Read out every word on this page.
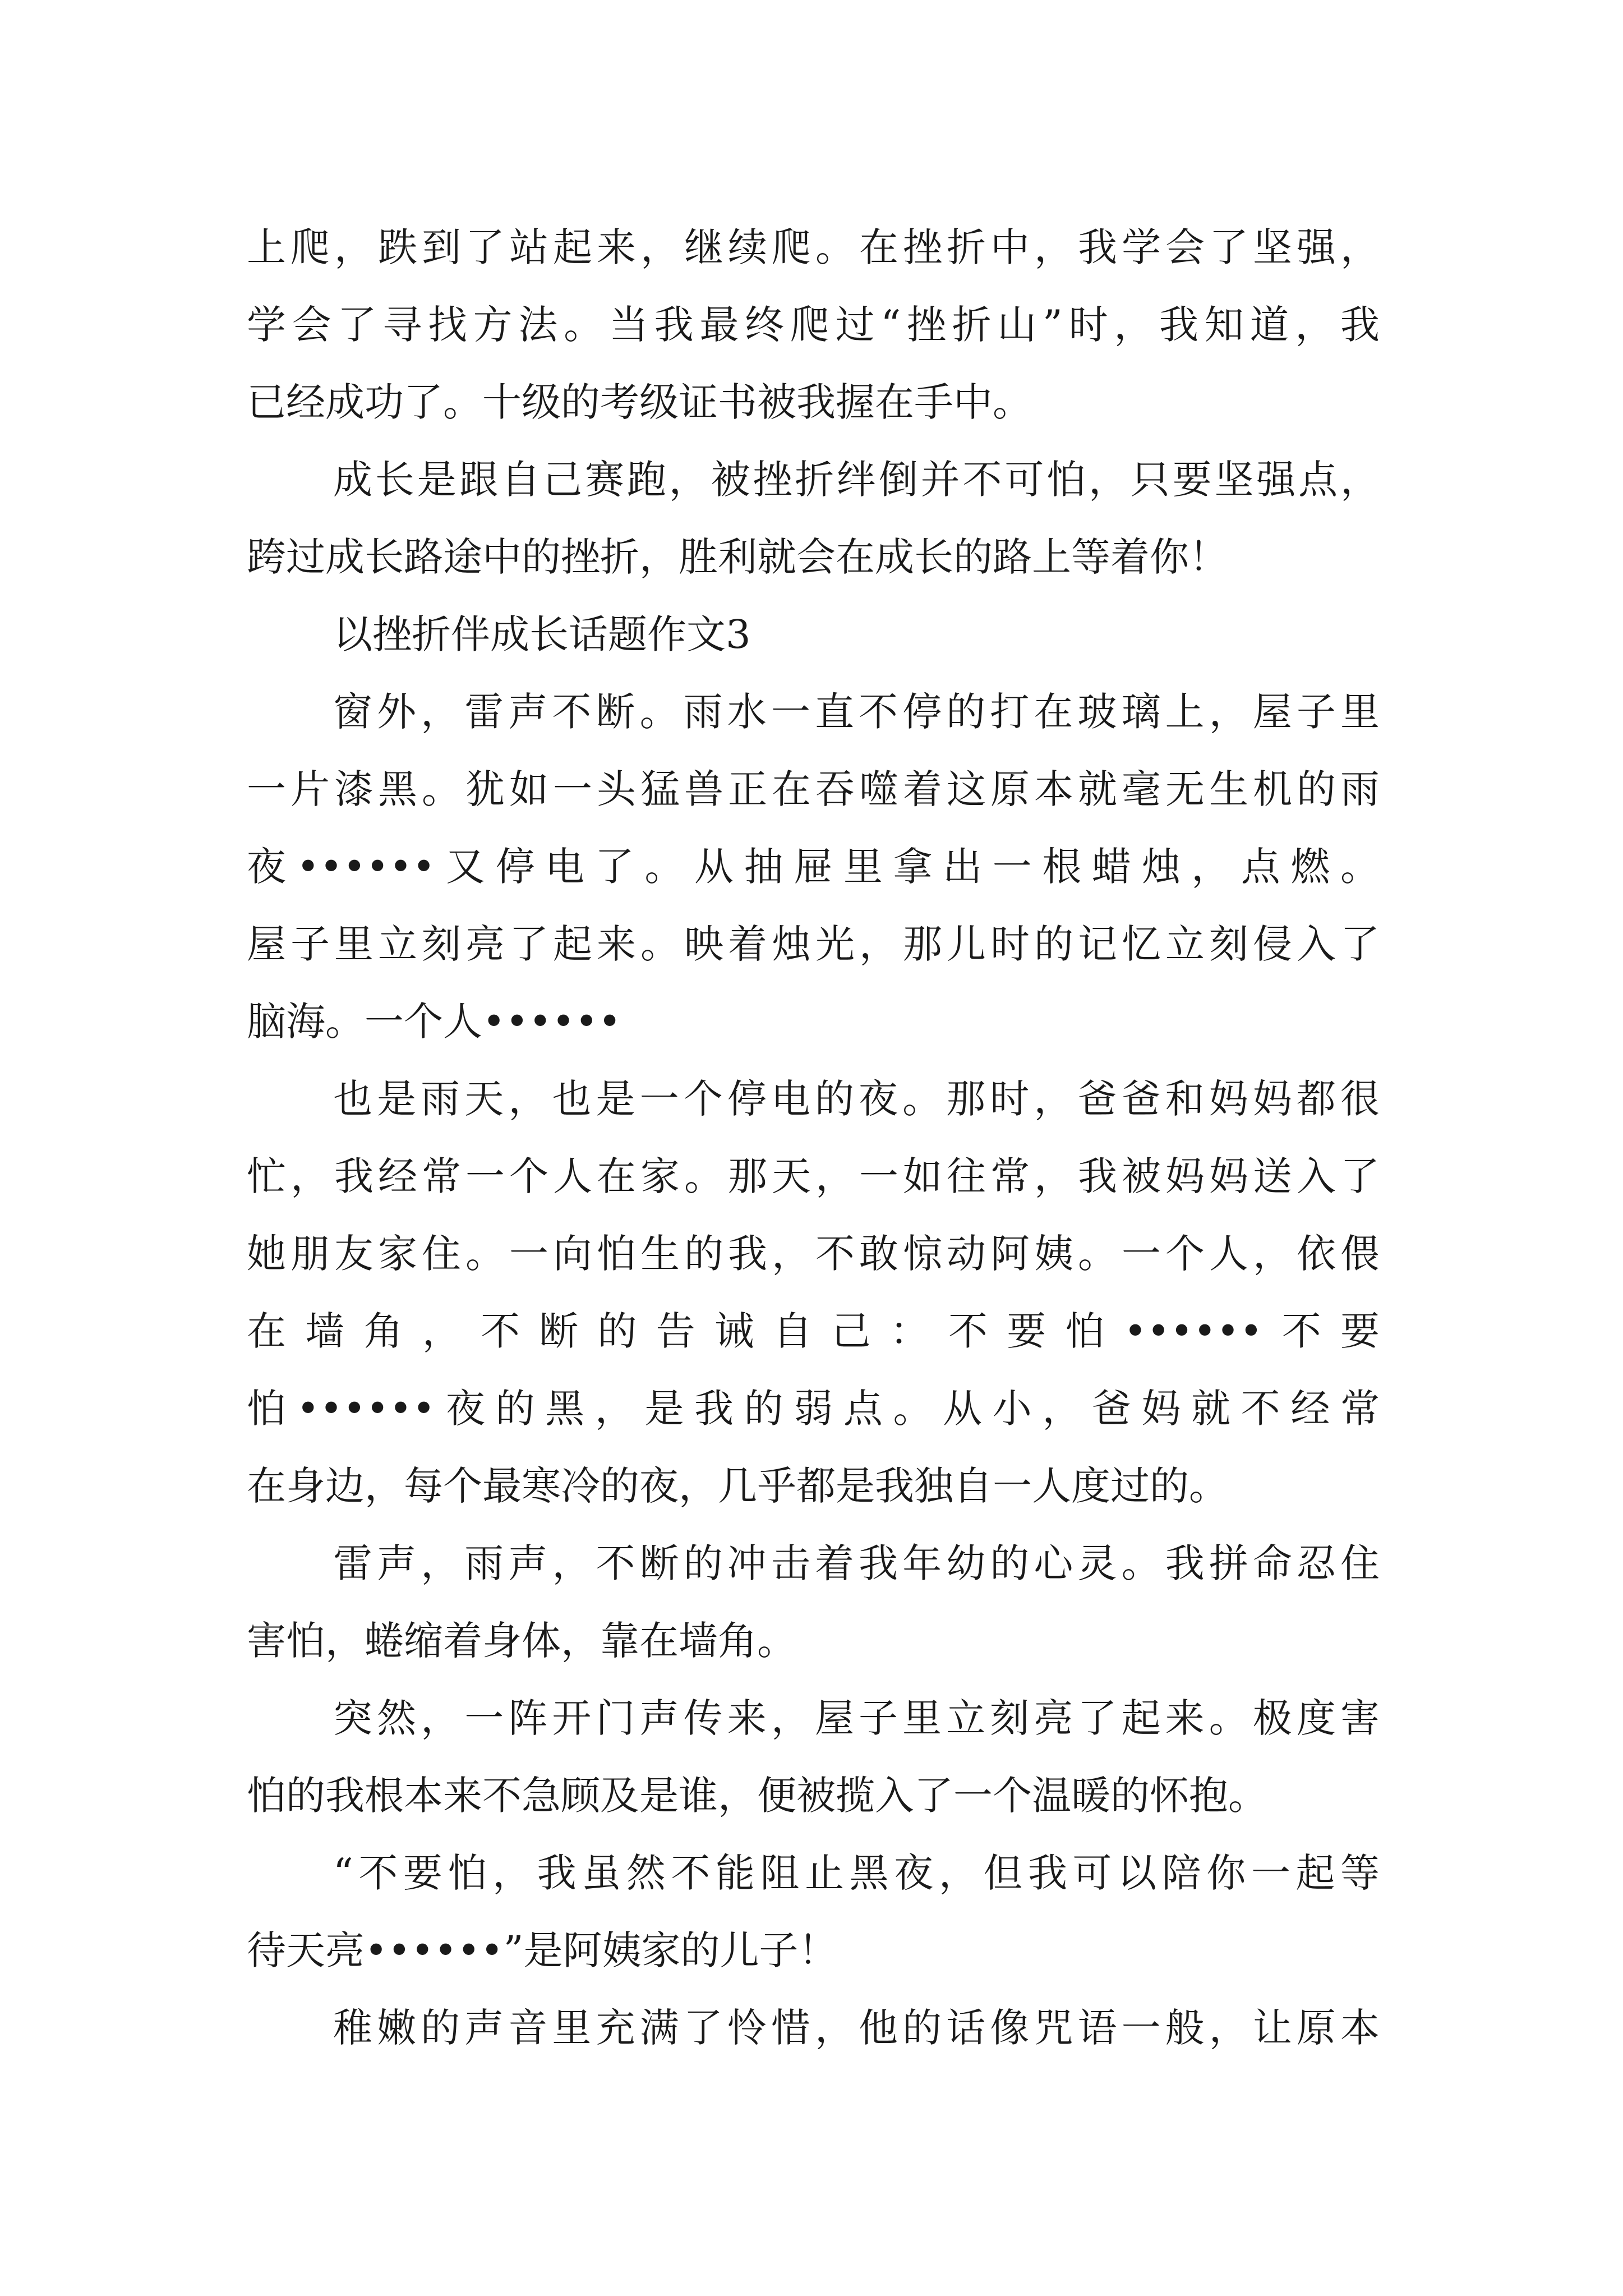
上爬，跌到了站起来，继续爬。在挫折中，我学会了坚强，
学会了寻找方法。当我最终爬过“挫折山”时，我知道，我
已经成功了。十级的考级证书被我握在手中。
成长是跟自己赛跑，被挫折绊倒并不可怕，只要坚强点，
跨过成长路途中的挫折，胜利就会在成长的路上等着你！
以挫折伴成长话题作文3
窗外，雷声不断。雨水一直不停的打在玻璃上，屋子里
一片漆黑。犹如一头猛兽正在吞噬着这原本就毫无生机的雨
夜••••••又停电了。从抽屉里拿出一根蜡烛，点燃。
屋子里立刻亮了起来。映着烛光，那儿时的记忆立刻侵入了
脑海。一个人••••••
也是雨天，也是一个停电的夜。那时，爸爸和妈妈都很
忙，我经常一个人在家。那天，一如往常，我被妈妈送入了
她朋友家住。一向怕生的我，不敢惊动阿姨。一个人，依偎
在墙角，不断的告诫自己：不要怕••••••不要
怕••••••夜的黑，是我的弱点。从小，爸妈就不经常
在身边，每个最寒冷的夜，几乎都是我独自一人度过的。
雷声，雨声，不断的冲击着我年幼的心灵。我拼命忍住
害怕，蜷缩着身体，靠在墙角。
突然，一阵开门声传来，屋子里立刻亮了起来。极度害
怕的我根本来不急顾及是谁，便被揽入了一个温暖的怀抱。
“不要怕，我虽然不能阻止黑夜，但我可以陪你一起等
待天亮••••••”是阿姨家的儿子！
稚嫩的声音里充满了怜惜，他的话像咒语一般，让原本
